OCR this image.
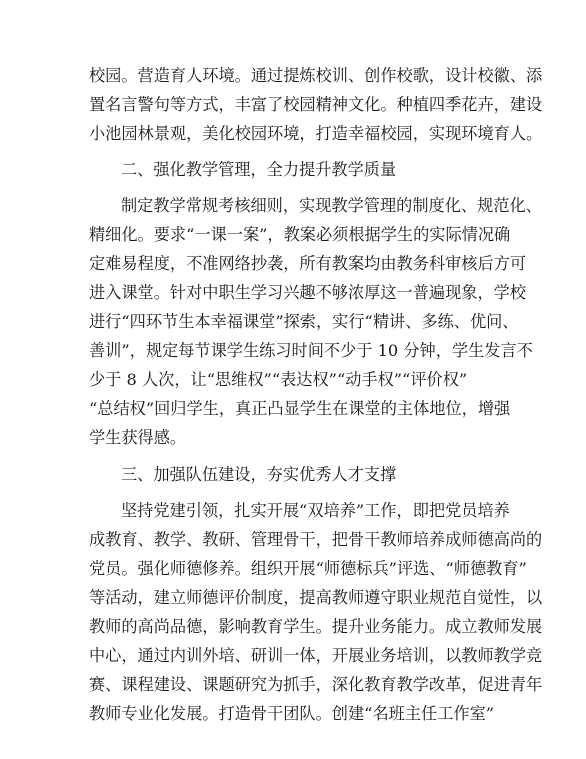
校园。营造育人环境。通过提炼校训、创作校歌，设计校徽、添
置名言警句等方式，丰富了校园精神文化。种植四季花卉，建设
小池园林景观，美化校园环境，打造幸福校园，实现环境育人。
二、强化教学管理，全力提升教学质量
制定教学常规考核细则，实现教学管理的制度化、规范化、
精细化。要求“一课一案”，教案必须根据学生的实际情况确
定难易程度，不准网络抄袭，所有教案均由教务科审核后方可
进入课堂。针对中职生学习兴趣不够浓厚这一普遍现象，学校
进行“四环节生本幸福课堂”探索，实行“精讲、多练、优问、
善训”，规定每节课学生练习时间不少于 10 分钟，学生发言不
少于 8 人次，让“思维权”“表达权”“动手权”“评价权”
“总结权”回归学生，真正凸显学生在课堂的主体地位，增强
学生获得感。
三、加强队伍建设，夯实优秀人才支撑
坚持党建引领，扎实开展“双培养”工作，即把党员培养
成教育、教学、教研、管理骨干，把骨干教师培养成师德高尚的
党员。强化师德修养。组织开展“师德标兵”评选、“师德教育”
等活动，建立师德评价制度，提高教师遵守职业规范自觉性，以
教师的高尚品德，影响教育学生。提升业务能力。成立教师发展
中心，通过内训外培、研训一体，开展业务培训，以教师教学竞
赛、课程建设、课题研究为抓手，深化教育教学改革，促进青年
教师专业化发展。打造骨干团队。创建“名班主任工作室”
